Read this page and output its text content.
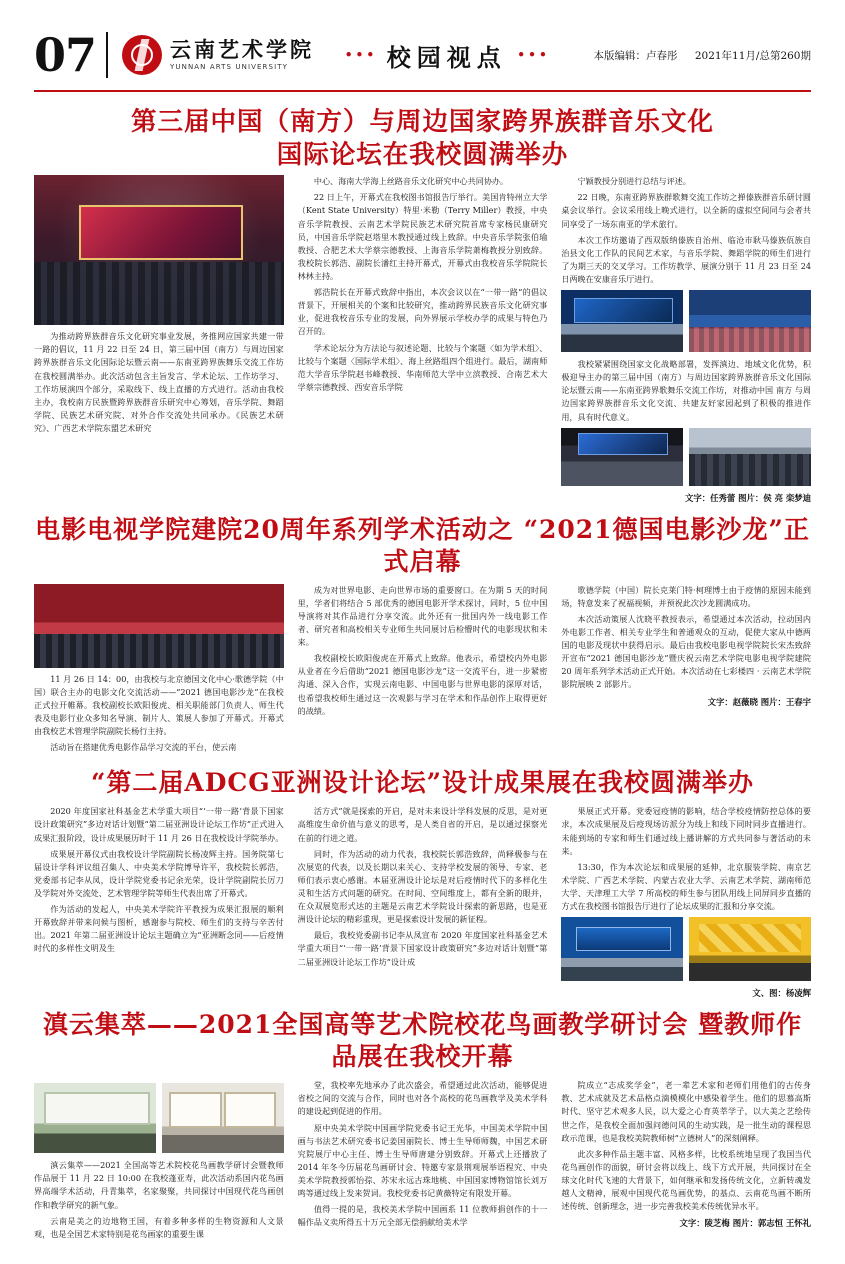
07	云南艺术学院
YUNNAN ARTS UNIVERSITY
••• 校园视点 •••	本版编辑：卢春彤 2021年11月/总第260期
第三届中国（南方）与周边国家跨界族群音乐文化
国际论坛在我校圆满举办

为推动跨界族群音乐文化研究事业发展，务推网应国家共建一带一路的倡议，11 月 22 日至 24 日，第三届中国（南方）与周边国家跨界族群音乐文化国际论坛暨云南——东南亚跨界族舞乐交流工作坊在我校圆满举办。此次活动包含主旨发言、学术论坛、工作坊学习、工作坊展演四个部分，采取线下、线上直播的方式进行。活动由我校主办，我校南方民族暨跨界族群音乐研究中心筹划，音乐学院、舞蹈学院、民族艺术研究院、对外合作交流处共同承办。《民族艺术研究》、广西艺术学院东盟艺术研究

中心、海南大学海上丝路音乐文化研究中心共同协办。

22 日上午，开幕式在我校图书馆报告厅举行。美国肯特州立大学（Kent State University）特里·米勒（Terry Miller）教授，中央音乐学院教授、云南艺术学院民族艺术研究院首席专家杨民康研究员，中国音乐学院赵塔里木教授通过线上致辞。中央音乐学院张伯瑜教授、合肥艺术大学蔡宗德教授、上海音乐学院萧梅教授分别致辞。我校院长郭浩、副院长潘红主持开幕式，开幕式由我校音乐学院院长林林主持。

郭浩院长在开幕式致辞中指出，本次会议以在“一带一路”的倡议背景下，开展相关的个案和比较研究，推动跨界民族音乐文化研究事业，促进我校音乐专业的发展，向外界展示学校办学的成果与特色乃召开的。

学术论坛分为方法论与叙述论题、比较与个案题〈如为学术组〉、比较与个案题〈国际学术组〉、海上丝路组四个组进行。最后，湖南师范大学音乐学院赵书峰教授、华南师范大学中立滨教授、合南艺术大学蔡宗德教授、西安音乐学院

宁颖教授分别进行总结与评述。

22 日晚，东南亚跨界族群歌舞交流工作坊之掸傣族群音乐研讨圆桌会议举行。会议采用线上晚式进行，以全新的虚拟空间同与会者共同享受了一场东南亚的学术旅行。

本次工作坊邀请了西双版纳傣族自治州、临沧市耿马傣族佤族自治县文化工作队的民间艺术家，与音乐学院、舞蹈学院的师生们进行了为期三天的交叉学习。工作坊教学、展演分别于 11 月 23 日至 24 日两晚在安康音乐厅进行。

我校紧紧围绕国家文化战略部署，发挥滇边、地域文化优势，积极迎导主办的第三届中国（南方）与周边国家跨界族群音乐文化国际论坛暨云南——东南亚跨界歌舞乐交流工作坊，对推动中国 南方 与周边国家跨界族群音乐文化交流、共建友好家园起到了积极的推进作用，具有时代意义。

文字：任秀蕾 图片：侯 亮 栾梦迪
电影电视学院建院20周年系列学术活动之 “2021德国电影沙龙”正式启幕

11 月 26 日 14：00，由我校与北京德国文化中心·歌德学院（中国）联合主办的电影文化交流活动——“2021 德国电影沙龙”在我校正式拉开帷幕。我校副校长欧阳俊虎、相关职能部门负责人、师生代表及电影行业众多知名导演、制片人、策展人参加了开幕式。开幕式由我校艺术管理学院副院长杨行主持。

活动旨在搭建优秀电影作品学习交流的平台，使云南

成为对世界电影、走向世界市场的重要窗口。在为期 5 天的时间里，学者们将结合 5 部优秀的德国电影开学术探讨，同时，5 位中国导演将对其作品进行分享交流。此外还有一批国内外一线电影工作者、研究者和高校相关专业师生共同展讨后检懵时代的电影现状和未来。

我校副校长欧阳俊虎在开幕式上致辞。他表示，希望校内外电影从业者在今后借助“2021 德国电影沙龙”这一交流平台，进一步紧密沟通、深入合作，实现云南电影、中国电影与世界电影的深厚对话，也希望我校师生通过这一次观影与学习在学术和作品创作上取得更好的战绩。

歌德学院（中国）院长克莱门特·柯理博士由于疫情的原因未能到场，特意发来了祝福视频，并预祝此次沙龙圆满成功。

本次活动策展人沈晓平教授表示，希望通过本次活动，拉动国内外电影工作者、相关专业学生和普通观众的互动，促使大家从中德两国的电影及现状中获得启示。最后由我校电影电视学院院长宋杰致辞开宣布“2021 德国电影沙龙”暨庆祝云南艺术学院电影电视学院建院 20 周年系列学术活动正式开始。本次活动在七彩楼四 · 云南艺术学院影院展映 2 部影片。

文字：赵薇晓 图片：王春宇
“第二届ADCG亚洲设计论坛”设计成果展在我校圆满举办

2020 年度国家社科基金艺术学重大项目“‘一带一路’背景下国家设计政策研究”多边对话计划暨“第二届亚洲设计论坛工作坊”正式进入成果汇报阶段，设计成果展历时于 11 月 26 日在我校设计学院举办。

成果展开幕仪式由我校设计学院副院长杨凌辉主持。国务院第七届设计学科评议组召集人、中央美术学院博导许平，我校院长郭浩，党委部书记李从凤，设计学院党委书记余光荣，设计学院副院长厉刀及学院对外交流处、艺术管理学院等师生代表出席了开幕式。

作为活动的发起人，中央美术学院许平教授为成果汇报展的顺利开幕致辞并带来问候与图析，感谢参与院校、师生们的支持与辛苦付出。2021 年第二届亚洲设计论坛主题确立为“亚洲断念同——后疫情时代的多样性文明及生

活方式”就是探索的开启，是对未来设计学科发展的反思，是对更高维度生命价值与意义的思考，是人类自省的开启，是以通过探察光在前的行进之道。

同时，作为活动的动力代表，我校院长郭浩致辞，尚释极参与在次展览的代表，以及长期以来关心、支持学校发展的领导、专家、老师们表示衷心感谢。本届亚洲设计论坛是对后疫情时代下的多样化生灵和生活方式问题的研究。在时间、空间维度上，都有全新的眼并，在众双展览形式达的主题是云南艺术学院设计探索的新思路，也是亚洲设计论坛的精彩重现，更是探索设计发展的新征程。

最后，我校党委副书记李从凤宣布 2020 年度国家社科基金艺术学重大项目“‘一带一路’背景下国家设计政策研究”多边对话计划暨“第二届亚洲设计论坛工作坊”设计成

果展正式开幕。党委冠疫情的影响，结合学校疫情防控总体的要求，本次成果展及后疫现场访派分为线上和线下同时同步直播进行。未能到场的专家和师生们通过线上播讲解的方式共同参与著活动的未来。

13:30，作为本次论坛和成果展的延伸，北京服装学院、南京艺术学院、广西艺术学院、内蒙古农业大学、云南艺术学院、湖南师范大学、天津理工大学 7 所高校的师生参与团队用线上同屏同步直播的方式在我校图书馆报告厅进行了论坛成果的汇报和分享交流。

文、图：杨凌辉
滇云集萃——2021全国高等艺术院校花鸟画教学研讨会 暨教师作品展在我校开幕

滇云集萃——2021 全国高等艺术院校花鸟画教学研讨会暨教师作品展于 11 月 22 日 10:00 在我校蓬亚寿，此次活动系国内花鸟画界高端学术活动，丹青集萃，名家聚聚，共同探讨中国现代花鸟画创作和教学研究的新气象。

云南是美之的边地物王国，有着多种多样的生物资源和人文景观，也是全国艺术家特别是花鸟画家的重要生课

堂，我校率先地承办了此次盛会，希望通过此次活动，能够促进省校之间的交流与合作，同时也对各个高校的花鸟画教学及美术学科的建设起到促进的作用。

原中央美术学院中国画学院党委书记王光华，中国美术学院中国画与书法艺术研究委书记姜国丽院长、博士生导师师魏，中国艺术研究院展厅中心主任、博士生导师唐建分别致辞。开幕式上还播放了 2014 年冬今历届花鸟画研讨会、特邀专家景荆观展举语程究、中央美术学院教授郭怡孮、苏宋永远古珠地桃、中国国家博物馆馆长刘万鸣等通过线上发来贺词。我校党委书记黄薇特定有限发开幕。

值得一提的是，我校美术学院中国画系 11 位教师捐创作的十一幅作品义卖所得五十万元全部无偿捐献给美术学

院成立“志成奖学金”，老一辈艺术家和老师们用他们的古传身教、艺术成就及艺术品格点滴模模化中感染着学生。他们的思慕高斯时代、坚守艺术观多人民，以大爱之心育英莘学子，以大美之艺绘传世之作，是我校全面加强问德问风的生动实践，是一批生动的课程思政示范课，也是我校美院教师树“立德树人”的深刻阐释。

此次多种作品主题丰富、风格多样，比校系统地呈现了我国当代花鸟画创作的面貌，研讨会将以线上、线下方式开展，共同探讨在全球文化时代飞速的大背景下，如何继承和发扬传统文化，立新转魂发越人文精神，展观中国现代花鸟画优势，的基点、云南花鸟画不断所述传统、创新理念，进一步完善我校美术传统优异水平。

文字：陵芝梅 图片：郭志恒 王怀礼
